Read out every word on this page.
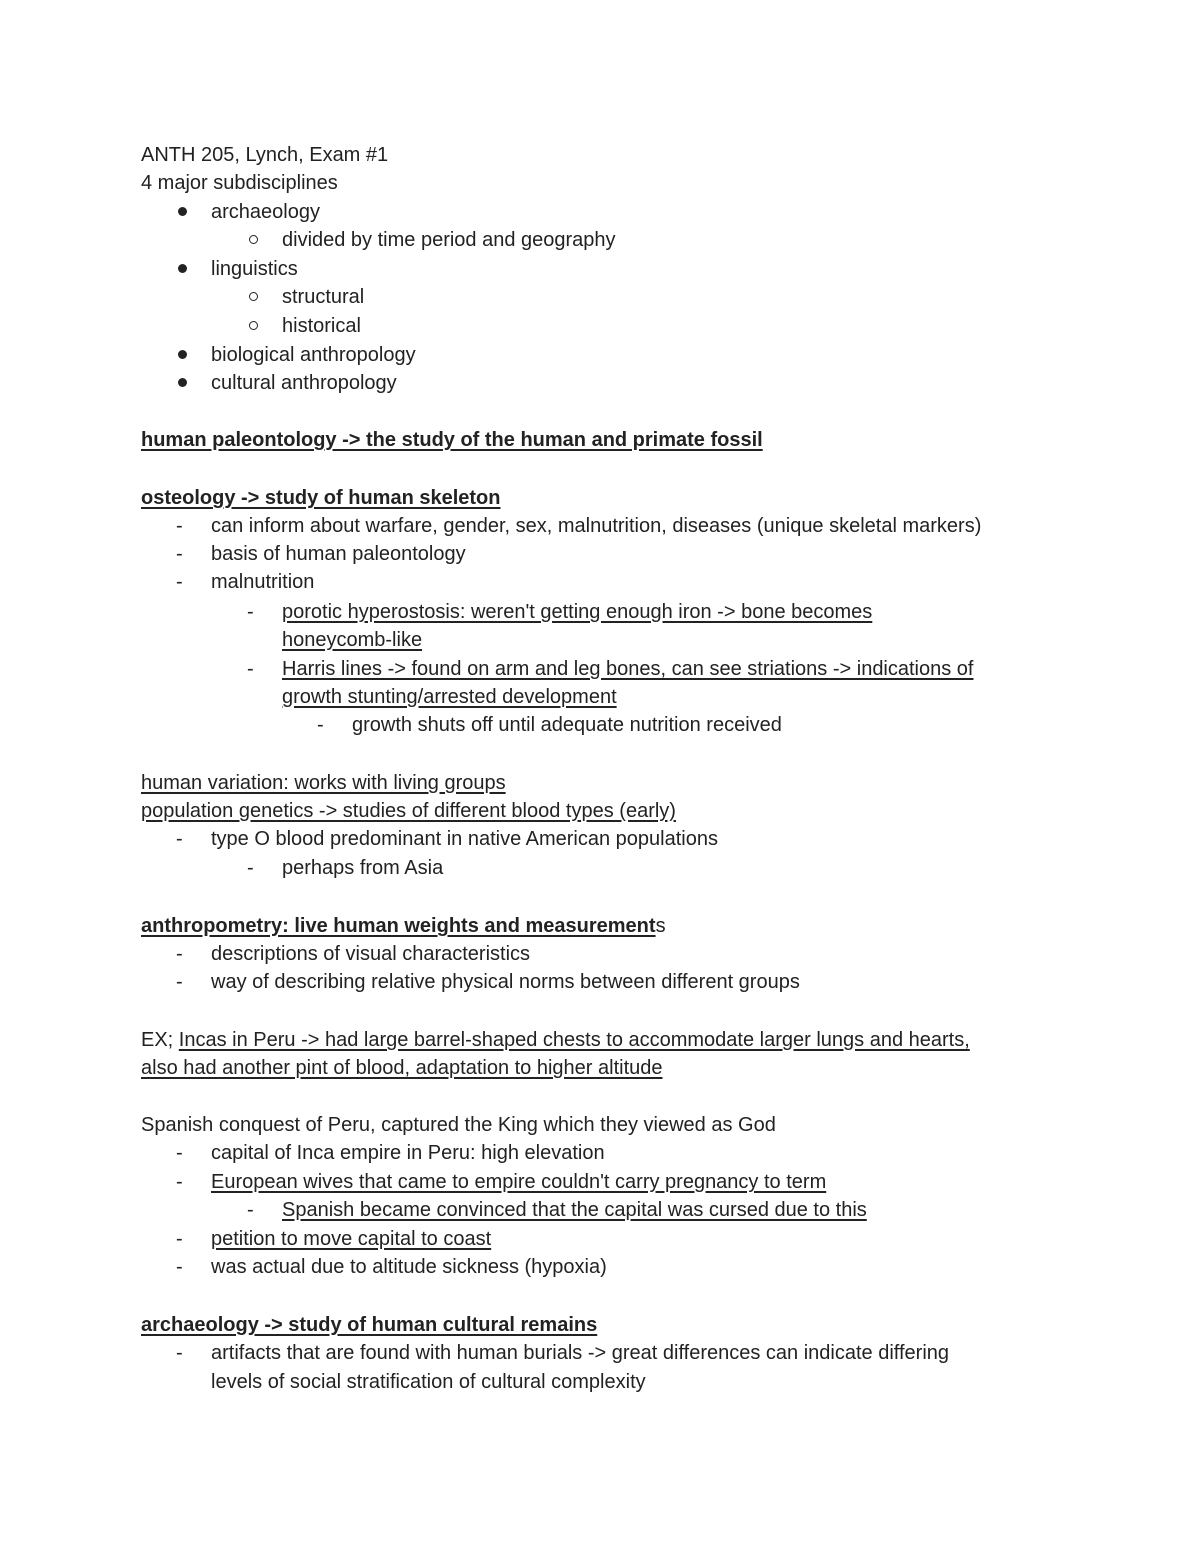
ANTH 205, Lynch, Exam #1
4 major subdisciplines
archaeology
divided by time period and geography
linguistics
structural
historical
biological anthropology
cultural anthropology
human paleontology -> the study of the human and primate fossil
osteology -> study of human skeleton
- can inform about warfare, gender, sex, malnutrition, diseases (unique skeletal markers)
- basis of human paleontology
- malnutrition
- porotic hyperostosis: weren't getting enough iron -> bone becomes
honeycomb-like
- Harris lines -> found on arm and leg bones, can see striations -> indications of
growth stunting/arrested development
- growth shuts off until adequate nutrition received
human variation: works with living groups
population genetics -> studies of different blood types (early)
- type O blood predominant in native American populations
- perhaps from Asia
anthropometry: live human weights and measurements
- descriptions of visual characteristics
- way of describing relative physical norms between different groups
EX; Incas in Peru -> had large barrel-shaped chests to accommodate larger lungs and hearts,
also had another pint of blood, adaptation to higher altitude
Spanish conquest of Peru, captured the King which they viewed as God
- capital of Inca empire in Peru: high elevation
- European wives that came to empire couldn't carry pregnancy to term
- Spanish became convinced that the capital was cursed due to this
- petition to move capital to coast
- was actual due to altitude sickness (hypoxia)
archaeology -> study of human cultural remains
- artifacts that are found with human burials -> great differences can indicate differing
levels of social stratification of cultural complexity
